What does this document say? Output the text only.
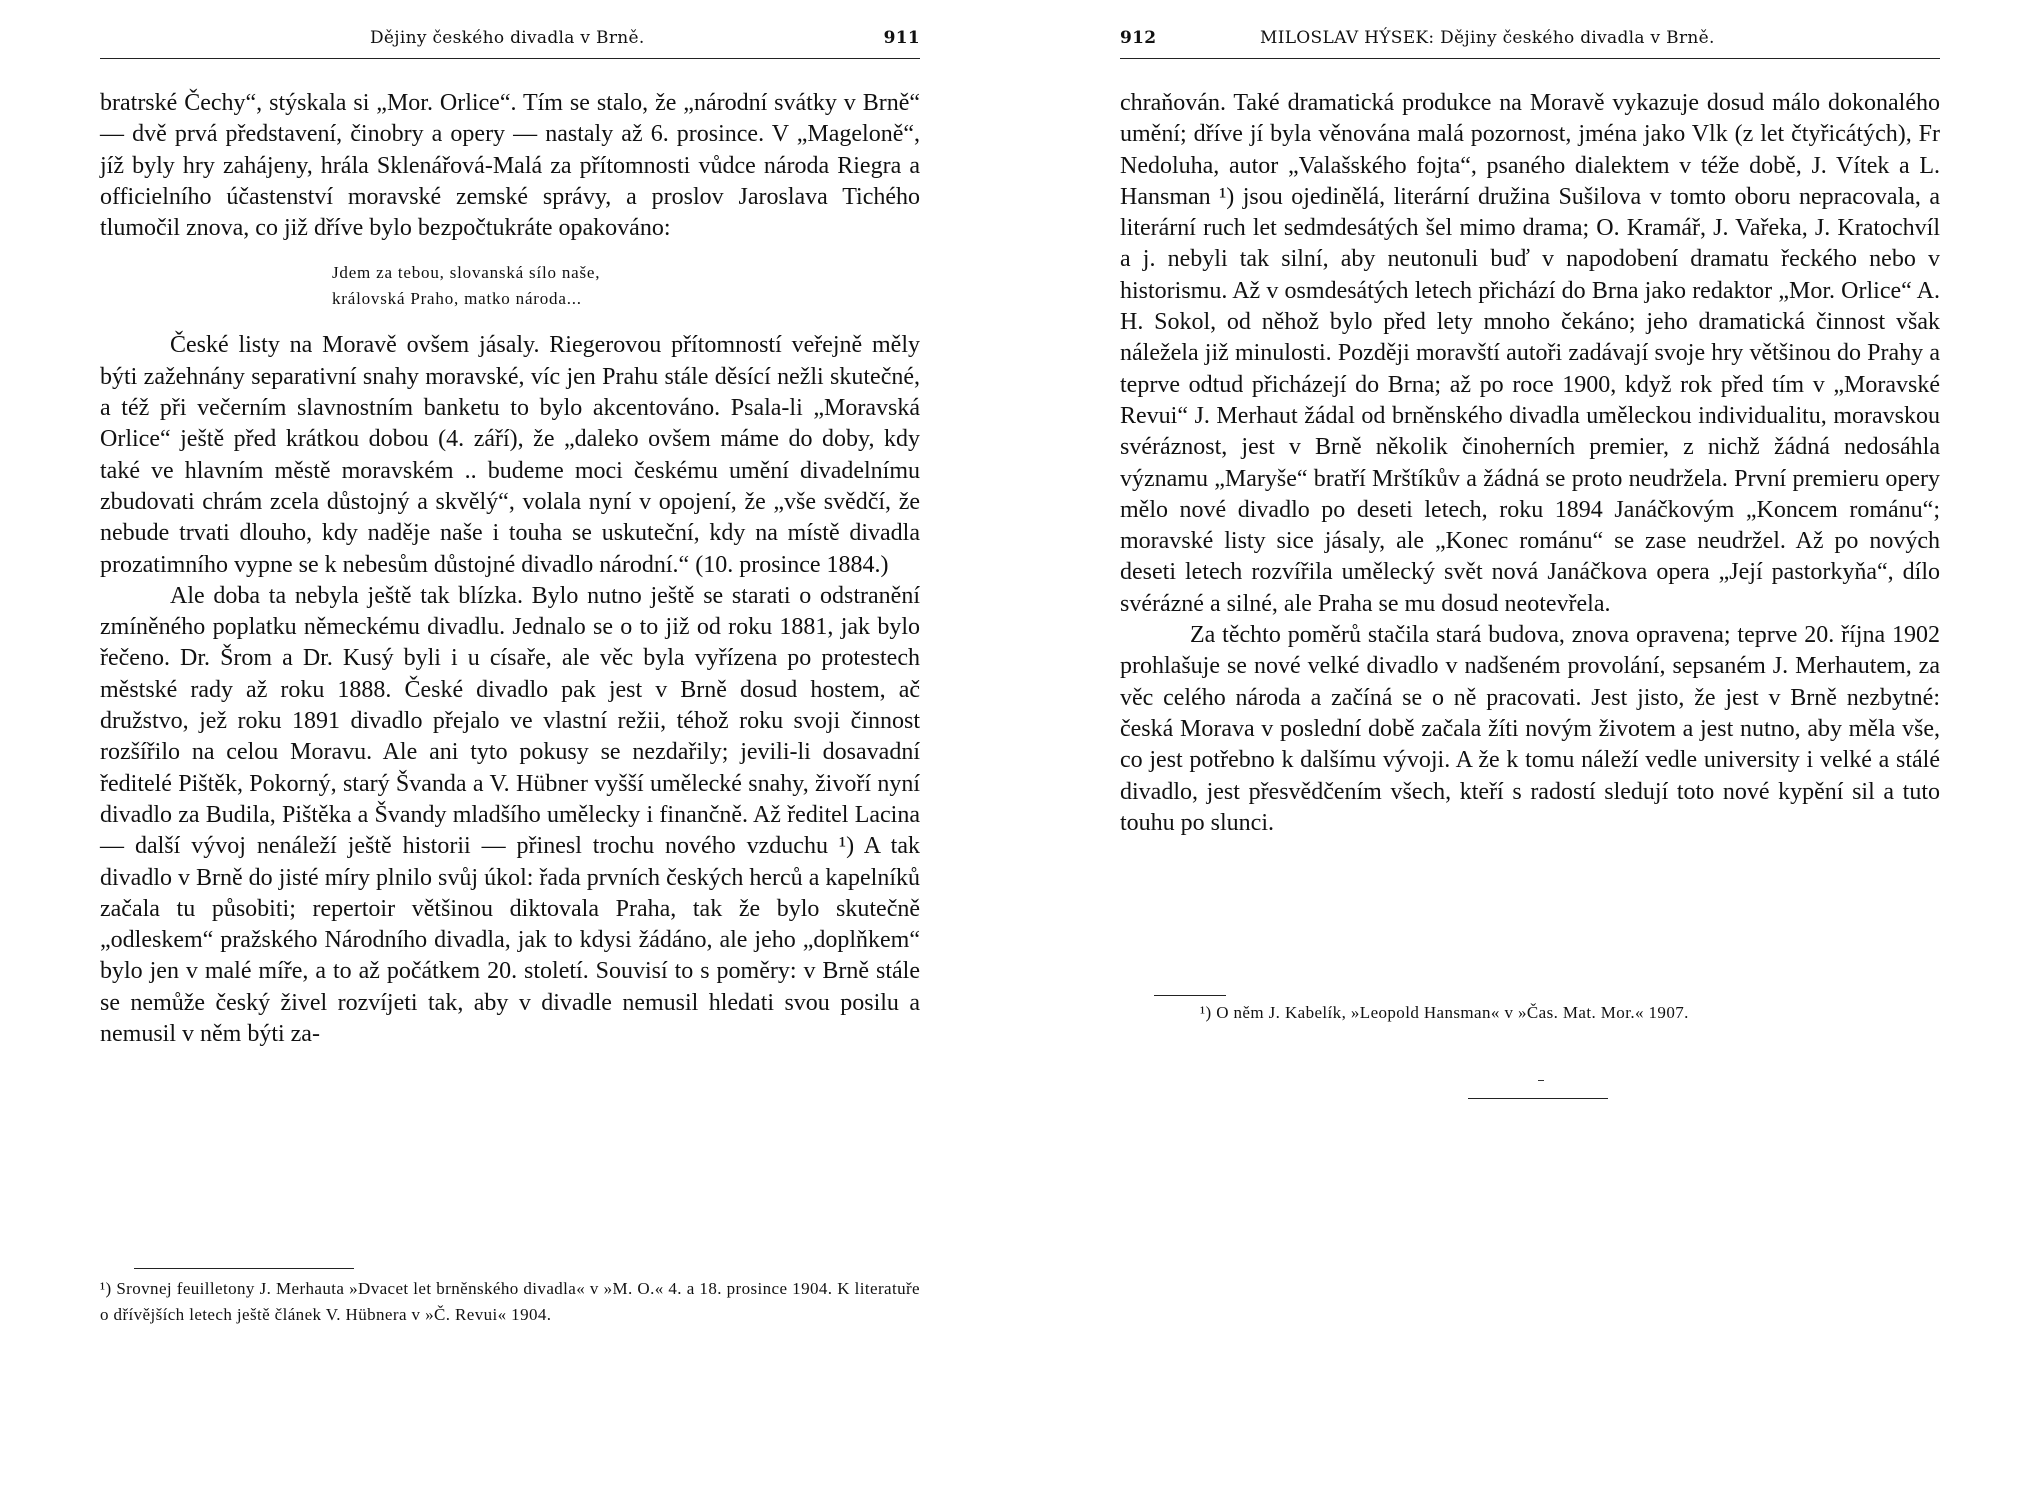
Dějiny českého divadla v Brně.	911

bratrské Čechy“, stýskala si „Mor. Orlice“. Tím se stalo, že „národní svátky v Brně“ — dvě prvá představení, činobry a opery — nastaly až 6. prosince. V „Mageloně“, jíž byly hry zahájeny, hrála Sklenářová-Malá za přítomnosti vůdce národa Riegra a officielního účastenství moravské zemské správy, a proslov Jaroslava Tichého tlumočil znova, co již dříve bylo bezpočtukráte opakováno:

Jdem za tebou, slovanská sílo naše,
královská Praho, matko národa...

České listy na Moravě ovšem jásaly. Riegerovou přítomností veřejně měly býti zažehnány separativní snahy moravské, víc jen Prahu stále děsící nežli skutečné, a též při večerním slavnostním banketu to bylo akcentováno. Psala-li „Moravská Orlice“ ještě před krátkou dobou (4. září), že „daleko ovšem máme do doby, kdy také ve hlavním městě moravském .. budeme moci českému umění divadelnímu zbudovati chrám zcela důstojný a skvělý“, volala nyní v opojení, že „vše svědčí, že nebude trvati dlouho, kdy naděje naše i touha se uskuteční, kdy na místě divadla prozatimního vypne se k nebesům důstojné divadlo národní.“ (10. prosince 1884.)

Ale doba ta nebyla ještě tak blízka. Bylo nutno ještě se starati o odstranění zmíněného poplatku německému divadlu. Jednalo se o to již od roku 1881, jak bylo řečeno. Dr. Šrom a Dr. Kusý byli i u císaře, ale věc byla vyřízena po protestech městské rady až roku 1888. České divadlo pak jest v Brně dosud hostem, ač družstvo, jež roku 1891 divadlo přejalo ve vlastní režii, téhož roku svoji činnost rozšířilo na celou Moravu. Ale ani tyto pokusy se nezdařily; jevili-li dosavadní ředitelé Pištěk, Pokorný, starý Švanda a V. Hübner vyšší umělecké snahy, živoří nyní divadlo za Budila, Pištěka a Švandy mladšího umělecky i finančně. Až ředitel Lacina — další vývoj nenáleží ještě historii — přinesl trochu nového vzduchu ¹) A tak divadlo v Brně do jisté míry plnilo svůj úkol: řada prvních českých herců a kapelníků začala tu působiti; repertoir většinou diktovala Praha, tak že bylo skutečně „odleskem“ pražského Národního divadla, jak to kdysi žádáno, ale jeho „doplňkem“ bylo jen v malé míře, a to až počátkem 20. století. Souvisí to s poměry: v Brně stále se nemůže český živel rozvíjeti tak, aby v divadle nemusil hledati svou posilu a nemusil v něm býti za-

¹) Srovnej feuilletony J. Merhauta »Dvacet let brněnského divadla« v »M. O.« 4. a 18. prosince 1904. K literatuře o dřívějších letech ještě článek V. Hübnera v »Č. Revui« 1904.

912	MILOSLAV HÝSEK: Dějiny českého divadla v Brně.

chraňován. Také dramatická produkce na Moravě vykazuje dosud málo dokonalého umění; dříve jí byla věnována malá pozornost, jména jako Vlk (z let čtyřicátých), Fr Nedoluha, autor „Valašského fojta“, psaného dialektem v téže době, J. Vítek a L. Hansman ¹) jsou ojedinělá, literární družina Sušilova v tomto oboru nepracovala, a literární ruch let sedmdesátých šel mimo drama; O. Kramář, J. Vařeka, J. Kratochvíl a j. nebyli tak silní, aby neutonuli buď v napodobení dramatu řeckého nebo v historismu. Až v osmdesátých letech přichází do Brna jako redaktor „Mor. Orlice“ A. H. Sokol, od něhož bylo před lety mnoho čekáno; jeho dramatická činnost však náležela již minulosti. Později moravští autoři zadávají svoje hry většinou do Prahy a teprve odtud přicházejí do Brna; až po roce 1900, když rok před tím v „Moravské Revui“ J. Merhaut žádal od brněnského divadla uměleckou individualitu, moravskou svéráznost, jest v Brně několik činoherních premier, z nichž žádná nedosáhla významu „Maryše“ bratří Mrštíkův a žádná se proto neudržela. První premieru opery mělo nové divadlo po deseti letech, roku 1894 Janáčkovým „Koncem románu“; moravské listy sice jásaly, ale „Konec románu“ se zase neudržel. Až po nových deseti letech rozvířila umělecký svět nová Janáčkova opera „Její pastorkyňa“, dílo svérázné a silné, ale Praha se mu dosud neotevřela.

Za těchto poměrů stačila stará budova, znova opravena; teprve 20. října 1902 prohlašuje se nové velké divadlo v nadšeném provolání, sepsaném J. Merhautem, za věc celého národa a začíná se o ně pracovati. Jest jisto, že jest v Brně nezbytné: česká Morava v poslední době začala žíti novým životem a jest nutno, aby měla vše, co jest potřebno k dalšímu vývoji. A že k tomu náleží vedle university i velké a stálé divadlo, jest přesvědčením všech, kteří s radostí sledují toto nové kypění sil a tuto touhu po slunci.

¹) O něm J. Kabelík, »Leopold Hansman« v »Čas. Mat. Mor.« 1907.
